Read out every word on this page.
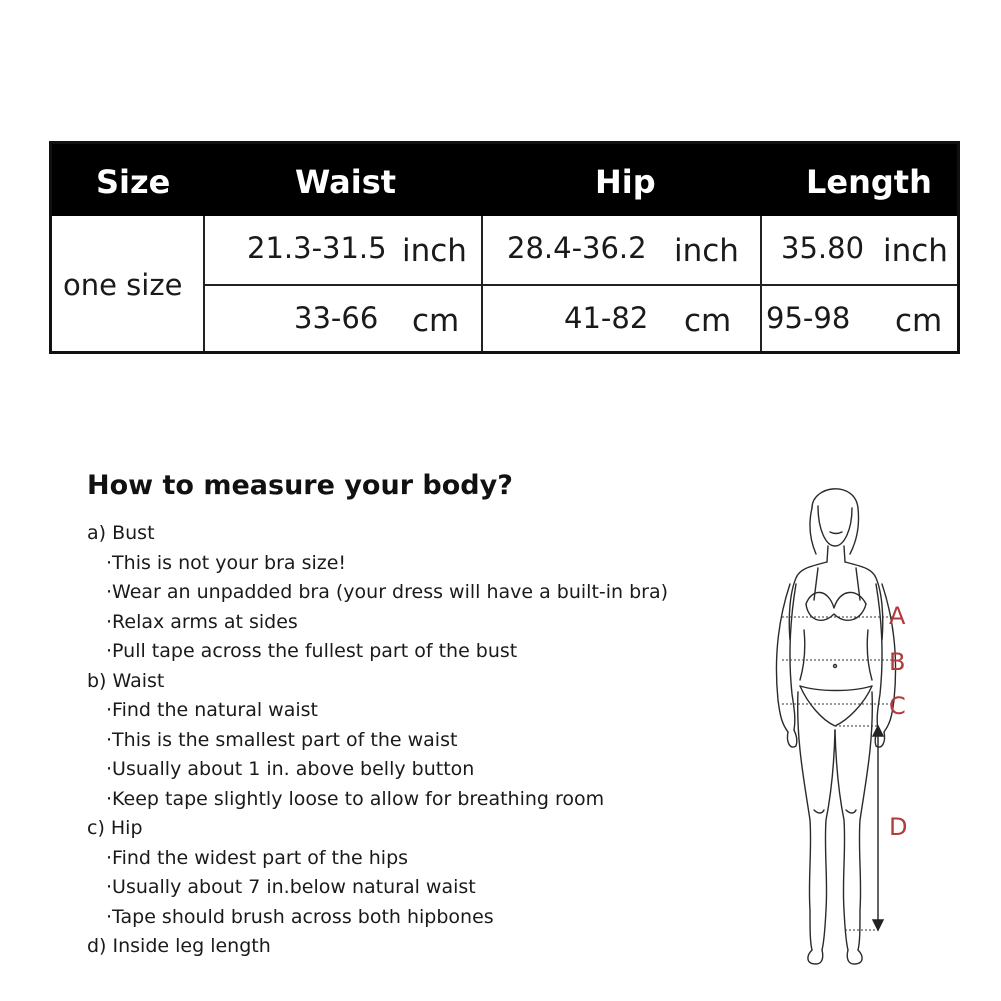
Size	Waist	Hip	Length
one size
21.3-31.5 inch 28.4-36.2 inch 35.80 inch
33-66 cm	41-82 cm 95-98 cm
How to measure your body?
a) Bust
·This is not your bra size!
·Wear an unpadded bra (your dress will have a built-in bra)
·Relax arms at sides
·Pull tape across the fullest part of the bust
b) Waist
·Find the natural waist
·This is the smallest part of the waist
·Usually about 1 in. above belly button
·Keep tape slightly loose to allow for breathing room
c) Hip
·Find the widest part of the hips
·Usually about 7 in.below natural waist
·Tape should brush across both hipbones
d) Inside leg length
A
B
C
D
